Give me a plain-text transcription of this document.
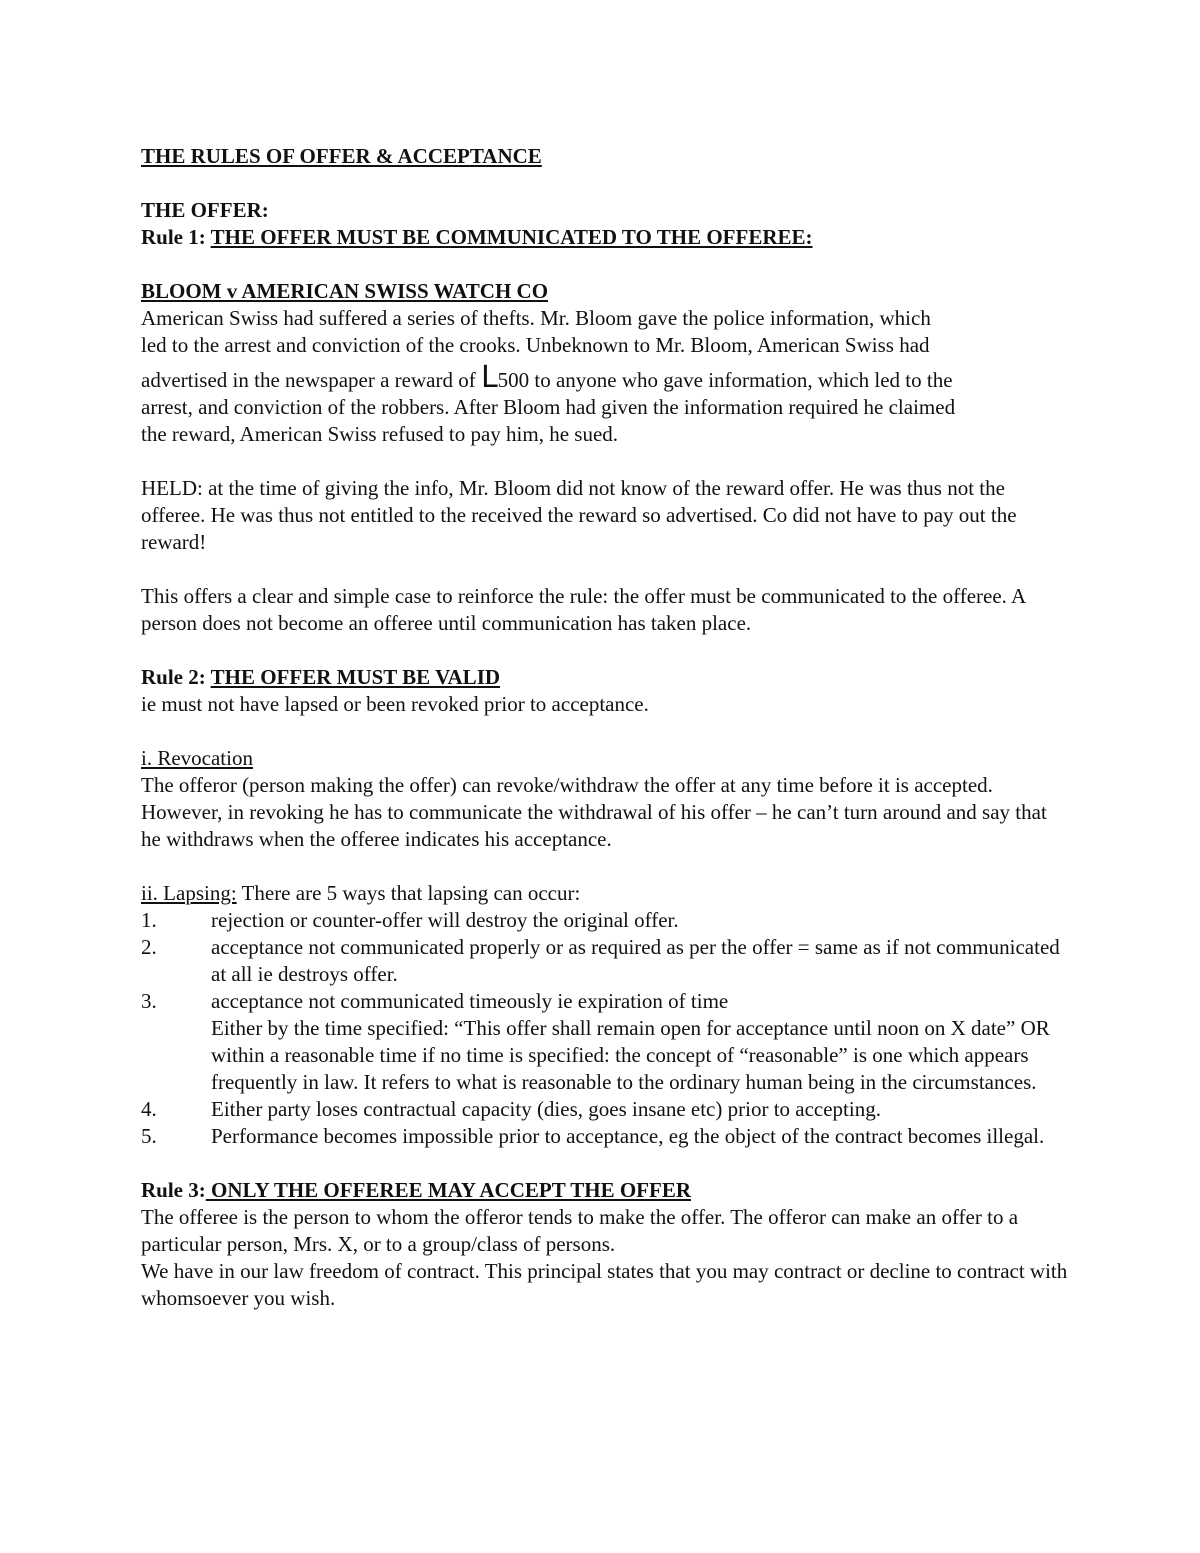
THE RULES OF OFFER & ACCEPTANCE

THE OFFER:

Rule 1: THE OFFER MUST BE COMMUNICATED TO THE OFFEREE:

BLOOM v AMERICAN SWISS WATCH CO

American Swiss had suffered a series of thefts. Mr. Bloom gave the police information, which

led to the arrest and conviction of the crooks. Unbeknown to Mr. Bloom, American Swiss had

advertised in the newspaper a reward of L500 to anyone who gave information, which led to the

arrest, and conviction of the robbers. After Bloom had given the information required he claimed

the reward, American Swiss refused to pay him, he sued.

HELD: at the time of giving the info, Mr. Bloom did not know of the reward offer. He was thus not the offeree. He was thus not entitled to the received the reward so advertised. Co did not have to pay out the reward!

This offers a clear and simple case to reinforce the rule: the offer must be communicated to the offeree. A person does not become an offeree until communication has taken place.

Rule 2: THE OFFER MUST BE VALID

ie must not have lapsed or been revoked prior to acceptance.

i. Revocation

The offeror (person making the offer) can revoke/withdraw the offer at any time before it is accepted. However, in revoking he has to communicate the withdrawal of his offer – he can’t turn around and say that he withdraws when the offeree indicates his acceptance.

ii. Lapsing: There are 5 ways that lapsing can occur:

1.	rejection or counter-offer will destroy the original offer.

2.	acceptance not communicated properly or as required as per the offer = same as if not communicated at all ie destroys offer.

3.	acceptance not communicated timeously ie expiration of time

Either by the time specified: “This offer shall remain open for acceptance until noon on X date” OR within a reasonable time if no time is specified: the concept of “reasonable” is one which appears frequently in law. It refers to what is reasonable to the ordinary human being in the circumstances.

4.	Either party loses contractual capacity (dies, goes insane etc) prior to accepting.

5.	Performance becomes impossible prior to acceptance, eg the object of the contract becomes illegal.

Rule 3: ONLY THE OFFEREE MAY ACCEPT THE OFFER

The offeree is the person to whom the offeror tends to make the offer. The offeror can make an offer to a particular person, Mrs. X, or to a group/class of persons.

We have in our law freedom of contract. This principal states that you may contract or decline to contract with whomsoever you wish.
